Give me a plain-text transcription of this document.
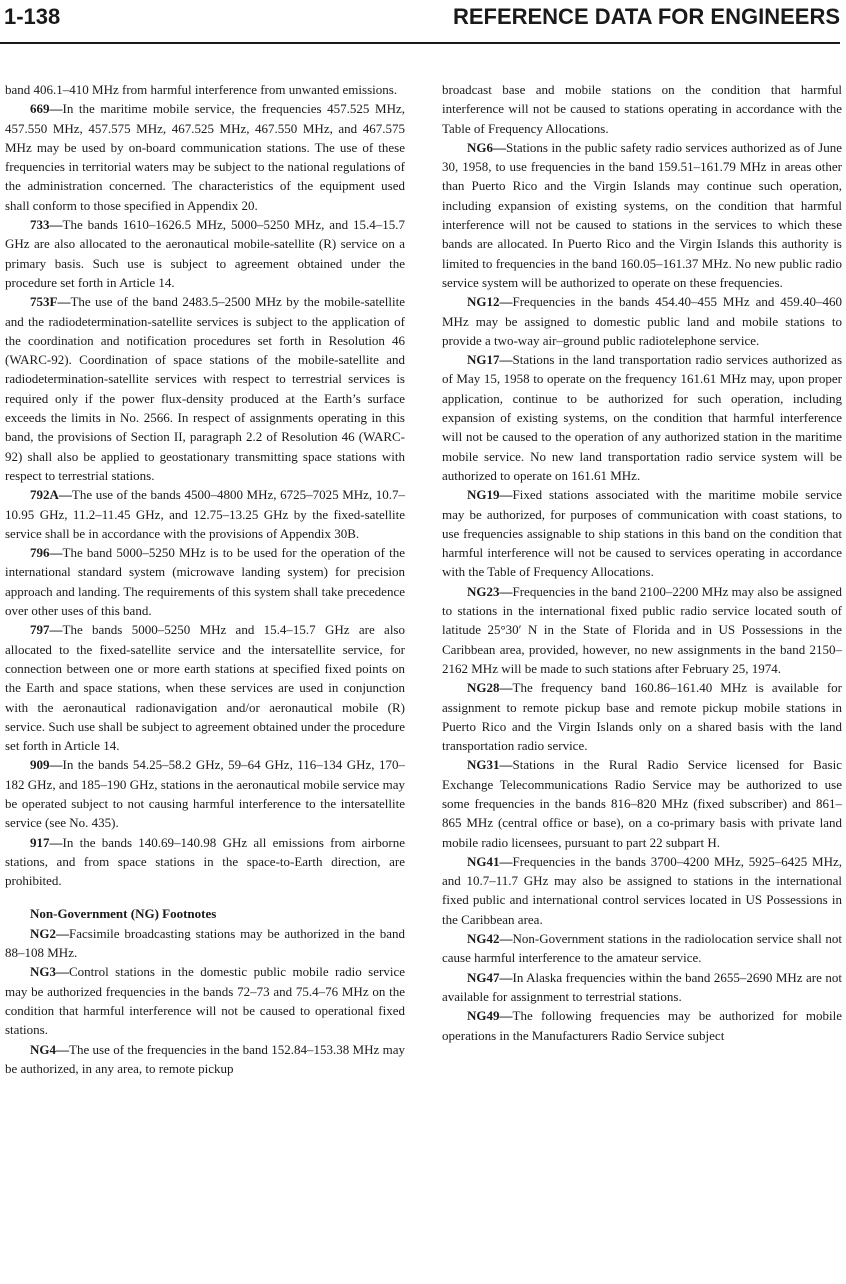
1-138	REFERENCE DATA FOR ENGINEERS

band 406.1–410 MHz from harmful interference from unwanted emissions.

669—In the maritime mobile service, the frequencies 457.525 MHz, 457.550 MHz, 457.575 MHz, 467.525 MHz, 467.550 MHz, and 467.575 MHz may be used by on-board communication stations. The use of these frequencies in territorial waters may be subject to the national regulations of the administration concerned. The characteristics of the equipment used shall conform to those specified in Appendix 20.

733—The bands 1610–1626.5 MHz, 5000–5250 MHz, and 15.4–15.7 GHz are also allocated to the aeronautical mobile-satellite (R) service on a primary basis. Such use is subject to agreement obtained under the procedure set forth in Article 14.

753F—The use of the band 2483.5–2500 MHz by the mobile-satellite and the radiodetermination-satellite services is subject to the application of the coordination and notification procedures set forth in Resolution 46 (WARC-92). Coordination of space stations of the mobile-satellite and radiodetermination-satellite services with respect to terrestrial services is required only if the power flux-density produced at the Earth’s surface exceeds the limits in No. 2566. In respect of assignments operating in this band, the provisions of Section II, paragraph 2.2 of Resolution 46 (WARC-92) shall also be applied to geostationary transmitting space stations with respect to terrestrial stations.

792A—The use of the bands 4500–4800 MHz, 6725–7025 MHz, 10.7–10.95 GHz, 11.2–11.45 GHz, and 12.75–13.25 GHz by the fixed-satellite service shall be in accordance with the provisions of Appendix 30B.

796—The band 5000–5250 MHz is to be used for the operation of the international standard system (microwave landing system) for precision approach and landing. The requirements of this system shall take precedence over other uses of this band.

797—The bands 5000–5250 MHz and 15.4–15.7 GHz are also allocated to the fixed-satellite service and the intersatellite service, for connection between one or more earth stations at specified fixed points on the Earth and space stations, when these services are used in conjunction with the aeronautical radionavigation and/or aeronautical mobile (R) service. Such use shall be subject to agreement obtained under the procedure set forth in Article 14.

909—In the bands 54.25–58.2 GHz, 59–64 GHz, 116–134 GHz, 170–182 GHz, and 185–190 GHz, stations in the aeronautical mobile service may be operated subject to not causing harmful interference to the intersatellite service (see No. 435).

917—In the bands 140.69–140.98 GHz all emissions from airborne stations, and from space stations in the space-to-Earth direction, are prohibited.

Non-Government (NG) Footnotes

NG2—Facsimile broadcasting stations may be authorized in the band 88–108 MHz.

NG3—Control stations in the domestic public mobile radio service may be authorized frequencies in the bands 72–73 and 75.4–76 MHz on the condition that harmful interference will not be caused to operational fixed stations.

NG4—The use of the frequencies in the band 152.84–153.38 MHz may be authorized, in any area, to remote pickup

broadcast base and mobile stations on the condition that harmful interference will not be caused to stations operating in accordance with the Table of Frequency Allocations.

NG6—Stations in the public safety radio services authorized as of June 30, 1958, to use frequencies in the band 159.51–161.79 MHz in areas other than Puerto Rico and the Virgin Islands may continue such operation, including expansion of existing systems, on the condition that harmful interference will not be caused to stations in the services to which these bands are allocated. In Puerto Rico and the Virgin Islands this authority is limited to frequencies in the band 160.05–161.37 MHz. No new public radio service system will be authorized to operate on these frequencies.

NG12—Frequencies in the bands 454.40–455 MHz and 459.40–460 MHz may be assigned to domestic public land and mobile stations to provide a two-way air–ground public radiotelephone service.

NG17—Stations in the land transportation radio services authorized as of May 15, 1958 to operate on the frequency 161.61 MHz may, upon proper application, continue to be authorized for such operation, including expansion of existing systems, on the condition that harmful interference will not be caused to the operation of any authorized station in the maritime mobile service. No new land transportation radio service system will be authorized to operate on 161.61 MHz.

NG19—Fixed stations associated with the maritime mobile service may be authorized, for purposes of communication with coast stations, to use frequencies assignable to ship stations in this band on the condition that harmful interference will not be caused to services operating in accordance with the Table of Frequency Allocations.

NG23—Frequencies in the band 2100–2200 MHz may also be assigned to stations in the international fixed public radio service located south of latitude 25°30′ N in the State of Florida and in US Possessions in the Caribbean area, provided, however, no new assignments in the band 2150–2162 MHz will be made to such stations after February 25, 1974.

NG28—The frequency band 160.86–161.40 MHz is available for assignment to remote pickup base and remote pickup mobile stations in Puerto Rico and the Virgin Islands only on a shared basis with the land transportation radio service.

NG31—Stations in the Rural Radio Service licensed for Basic Exchange Telecommunications Radio Service may be authorized to use some frequencies in the bands 816–820 MHz (fixed subscriber) and 861–865 MHz (central office or base), on a co-primary basis with private land mobile radio licensees, pursuant to part 22 subpart H.

NG41—Frequencies in the bands 3700–4200 MHz, 5925–6425 MHz, and 10.7–11.7 GHz may also be assigned to stations in the international fixed public and international control services located in US Possessions in the Caribbean area.

NG42—Non-Government stations in the radiolocation service shall not cause harmful interference to the amateur service.

NG47—In Alaska frequencies within the band 2655–2690 MHz are not available for assignment to terrestrial stations.

NG49—The following frequencies may be authorized for mobile operations in the Manufacturers Radio Service subject
